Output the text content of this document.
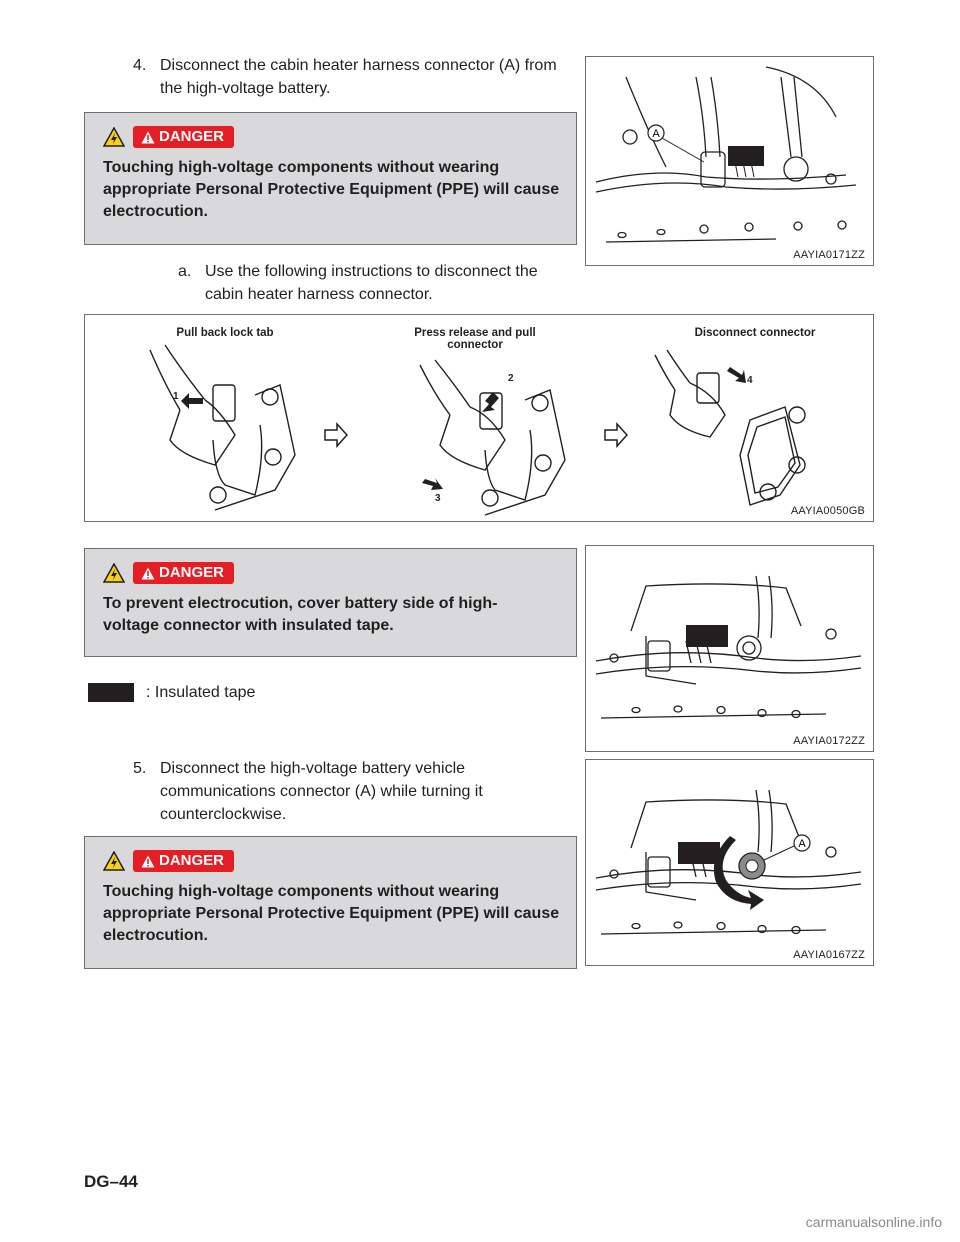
4. Disconnect the cabin heater harness connector (A) from the high-voltage battery.
DANGER
Touching high-voltage components without wearing appropriate Personal Protective Equipment (PPE) will cause electrocution.
a. Use the following instructions to disconnect the cabin heater harness connector.
A
AAYIA0171ZZ
Pull back lock tab	Press release and pull connector
Disconnect connector
1
2
3
4
AAYIA0050GB
DANGER
To prevent electrocution, cover battery side of high-voltage connector with insulated tape.
: Insulated tape
AAYIA0172ZZ
5. Disconnect the high-voltage battery vehicle communications connector (A) while turning it counterclockwise.
DANGER
Touching high-voltage components without wearing appropriate Personal Protective Equipment (PPE) will cause electrocution.
A
AAYIA0167ZZ
DG–44
carmanualsonline.info
